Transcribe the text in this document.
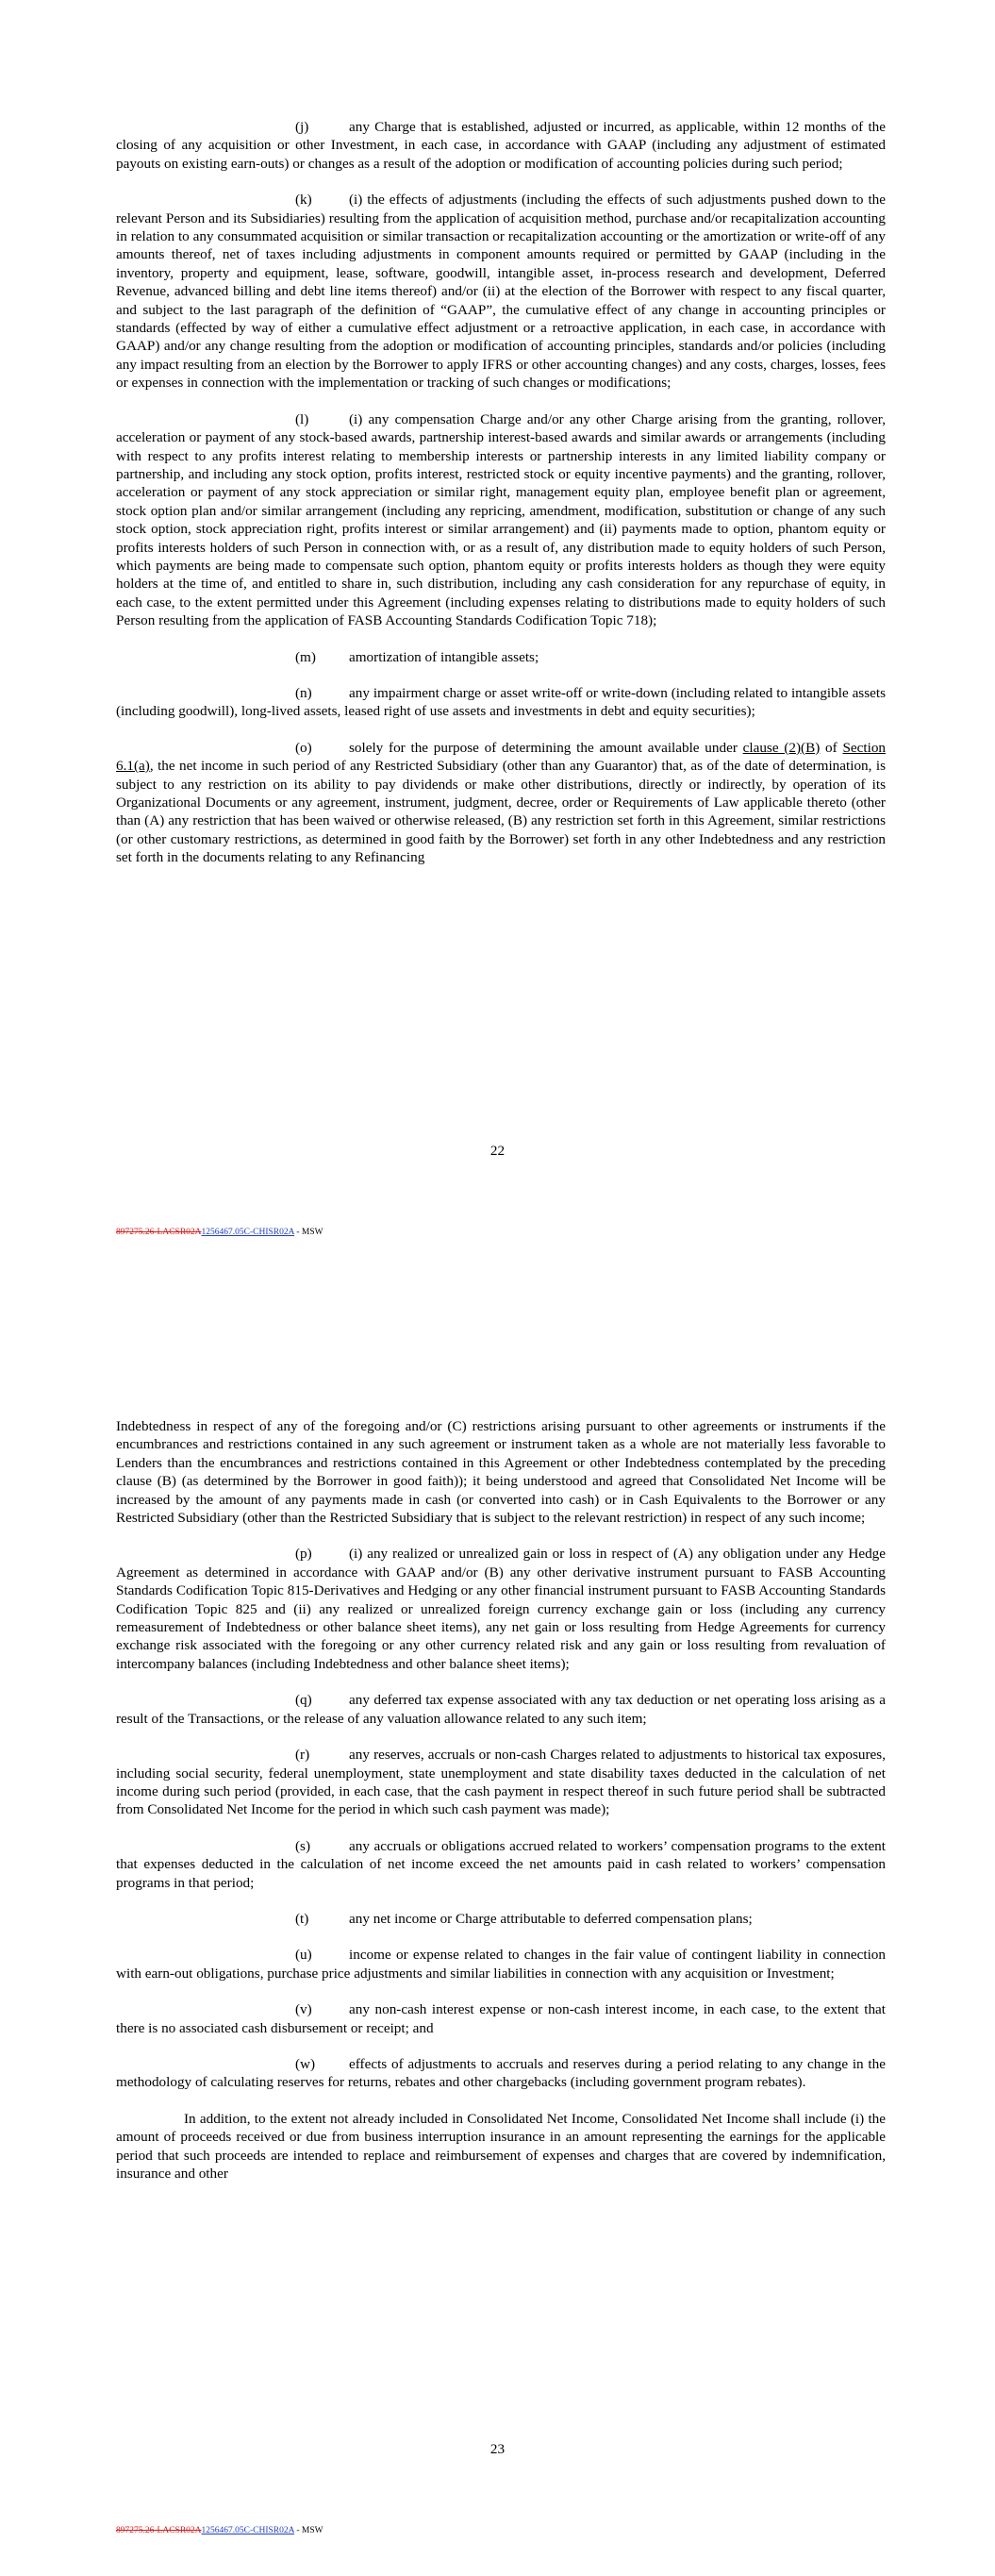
(j)	any Charge that is established, adjusted or incurred, as applicable, within 12 months of the closing of any acquisition or other Investment, in each case, in accordance with GAAP (including any adjustment of estimated payouts on existing earn-outs) or changes as a result of the adoption or modification of accounting policies during such period;

(k)	(i) the effects of adjustments (including the effects of such adjustments pushed down to the relevant Person and its Subsidiaries) resulting from the application of acquisition method, purchase and/or recapitalization accounting in relation to any consummated acquisition or similar transaction or recapitalization accounting or the amortization or write-off of any amounts thereof, net of taxes including adjustments in component amounts required or permitted by GAAP (including in the inventory, property and equipment, lease, software, goodwill, intangible asset, in-process research and development, Deferred Revenue, advanced billing and debt line items thereof) and/or (ii) at the election of the Borrower with respect to any fiscal quarter, and subject to the last paragraph of the definition of “GAAP”, the cumulative effect of any change in accounting principles or standards (effected by way of either a cumulative effect adjustment or a retroactive application, in each case, in accordance with GAAP) and/or any change resulting from the adoption or modification of accounting principles, standards and/or policies (including any impact resulting from an election by the Borrower to apply IFRS or other accounting changes) and any costs, charges, losses, fees or expenses in connection with the implementation or tracking of such changes or modifications;

(l)	(i) any compensation Charge and/or any other Charge arising from the granting, rollover, acceleration or payment of any stock-based awards, partnership interest-based awards and similar awards or arrangements (including with respect to any profits interest relating to membership interests or partnership interests in any limited liability company or partnership, and including any stock option, profits interest, restricted stock or equity incentive payments) and the granting, rollover, acceleration or payment of any stock appreciation or similar right, management equity plan, employee benefit plan or agreement, stock option plan and/or similar arrangement (including any repricing, amendment, modification, substitution or change of any such stock option, stock appreciation right, profits interest or similar arrangement) and (ii) payments made to option, phantom equity or profits interests holders of such Person in connection with, or as a result of, any distribution made to equity holders of such Person, which payments are being made to compensate such option, phantom equity or profits interests holders as though they were equity holders at the time of, and entitled to share in, such distribution, including any cash consideration for any repurchase of equity, in each case, to the extent permitted under this Agreement (including expenses relating to distributions made to equity holders of such Person resulting from the application of FASB Accounting Standards Codification Topic 718);

(m) amortization of intangible assets;

(n)	any impairment charge or asset write-off or write-down (including related to intangible assets (including goodwill), long-lived assets, leased right of use assets and investments in debt and equity securities);

(o)	solely for the purpose of determining the amount available under clause (2)(B) of Section 6.1(a), the net income in such period of any Restricted Subsidiary (other than any Guarantor) that, as of the date of determination, is subject to any restriction on its ability to pay dividends or make other distributions, directly or indirectly, by operation of its Organizational Documents or any agreement, instrument, judgment, decree, order or Requirements of Law applicable thereto (other than (A) any restriction that has been waived or otherwise released, (B) any restriction set forth in this Agreement, similar restrictions (or other customary restrictions, as determined in good faith by the Borrower) set forth in any other Indebtedness and any restriction set forth in the documents relating to any Refinancing

22
897275.26-LACSR02A1256467.05C-CHISR02A - MSW

Indebtedness in respect of any of the foregoing and/or (C) restrictions arising pursuant to other agreements or instruments if the encumbrances and restrictions contained in any such agreement or instrument taken as a whole are not materially less favorable to Lenders than the encumbrances and restrictions contained in this Agreement or other Indebtedness contemplated by the preceding clause (B) (as determined by the Borrower in good faith)); it being understood and agreed that Consolidated Net Income will be increased by the amount of any payments made in cash (or converted into cash) or in Cash Equivalents to the Borrower or any Restricted Subsidiary (other than the Restricted Subsidiary that is subject to the relevant restriction) in respect of any such income;

(p)	(i) any realized or unrealized gain or loss in respect of (A) any obligation under any Hedge Agreement as determined in accordance with GAAP and/or (B) any other derivative instrument pursuant to FASB Accounting Standards Codification Topic 815-Derivatives and Hedging or any other financial instrument pursuant to FASB Accounting Standards Codification Topic 825 and (ii) any realized or unrealized foreign currency exchange gain or loss (including any currency remeasurement of Indebtedness or other balance sheet items), any net gain or loss resulting from Hedge Agreements for currency exchange risk associated with the foregoing or any other currency related risk and any gain or loss resulting from revaluation of intercompany balances (including Indebtedness and other balance sheet items);

(q)	any deferred tax expense associated with any tax deduction or net operating loss arising as a result of the Transactions, or the release of any valuation allowance related to any such item;

(r)	any reserves, accruals or non-cash Charges related to adjustments to historical tax exposures, including social security, federal unemployment, state unemployment and state disability taxes deducted in the calculation of net income during such period (provided, in each case, that the cash payment in respect thereof in such future period shall be subtracted from Consolidated Net Income for the period in which such cash payment was made);

(s)	any accruals or obligations accrued related to workers’ compensation programs to the extent that expenses deducted in the calculation of net income exceed the net amounts paid in cash related to workers’ compensation programs in that period;

(t)	any net income or Charge attributable to deferred compensation plans;

(u)	income or expense related to changes in the fair value of contingent liability in connection with earn-out obligations, purchase price adjustments and similar liabilities in connection with any acquisition or Investment;

(v)	any non-cash interest expense or non-cash interest income, in each case, to the extent that there is no associated cash disbursement or receipt; and

(w) effects of adjustments to accruals and reserves during a period relating to any change in the methodology of calculating reserves for returns, rebates and other chargebacks (including government program rebates).

In addition, to the extent not already included in Consolidated Net Income, Consolidated Net Income shall include (i) the amount of proceeds received or due from business interruption insurance in an amount representing the earnings for the applicable period that such proceeds are intended to replace and reimbursement of expenses and charges that are covered by indemnification, insurance and other

23
897275.26-LACSR02A1256467.05C-CHISR02A - MSW
